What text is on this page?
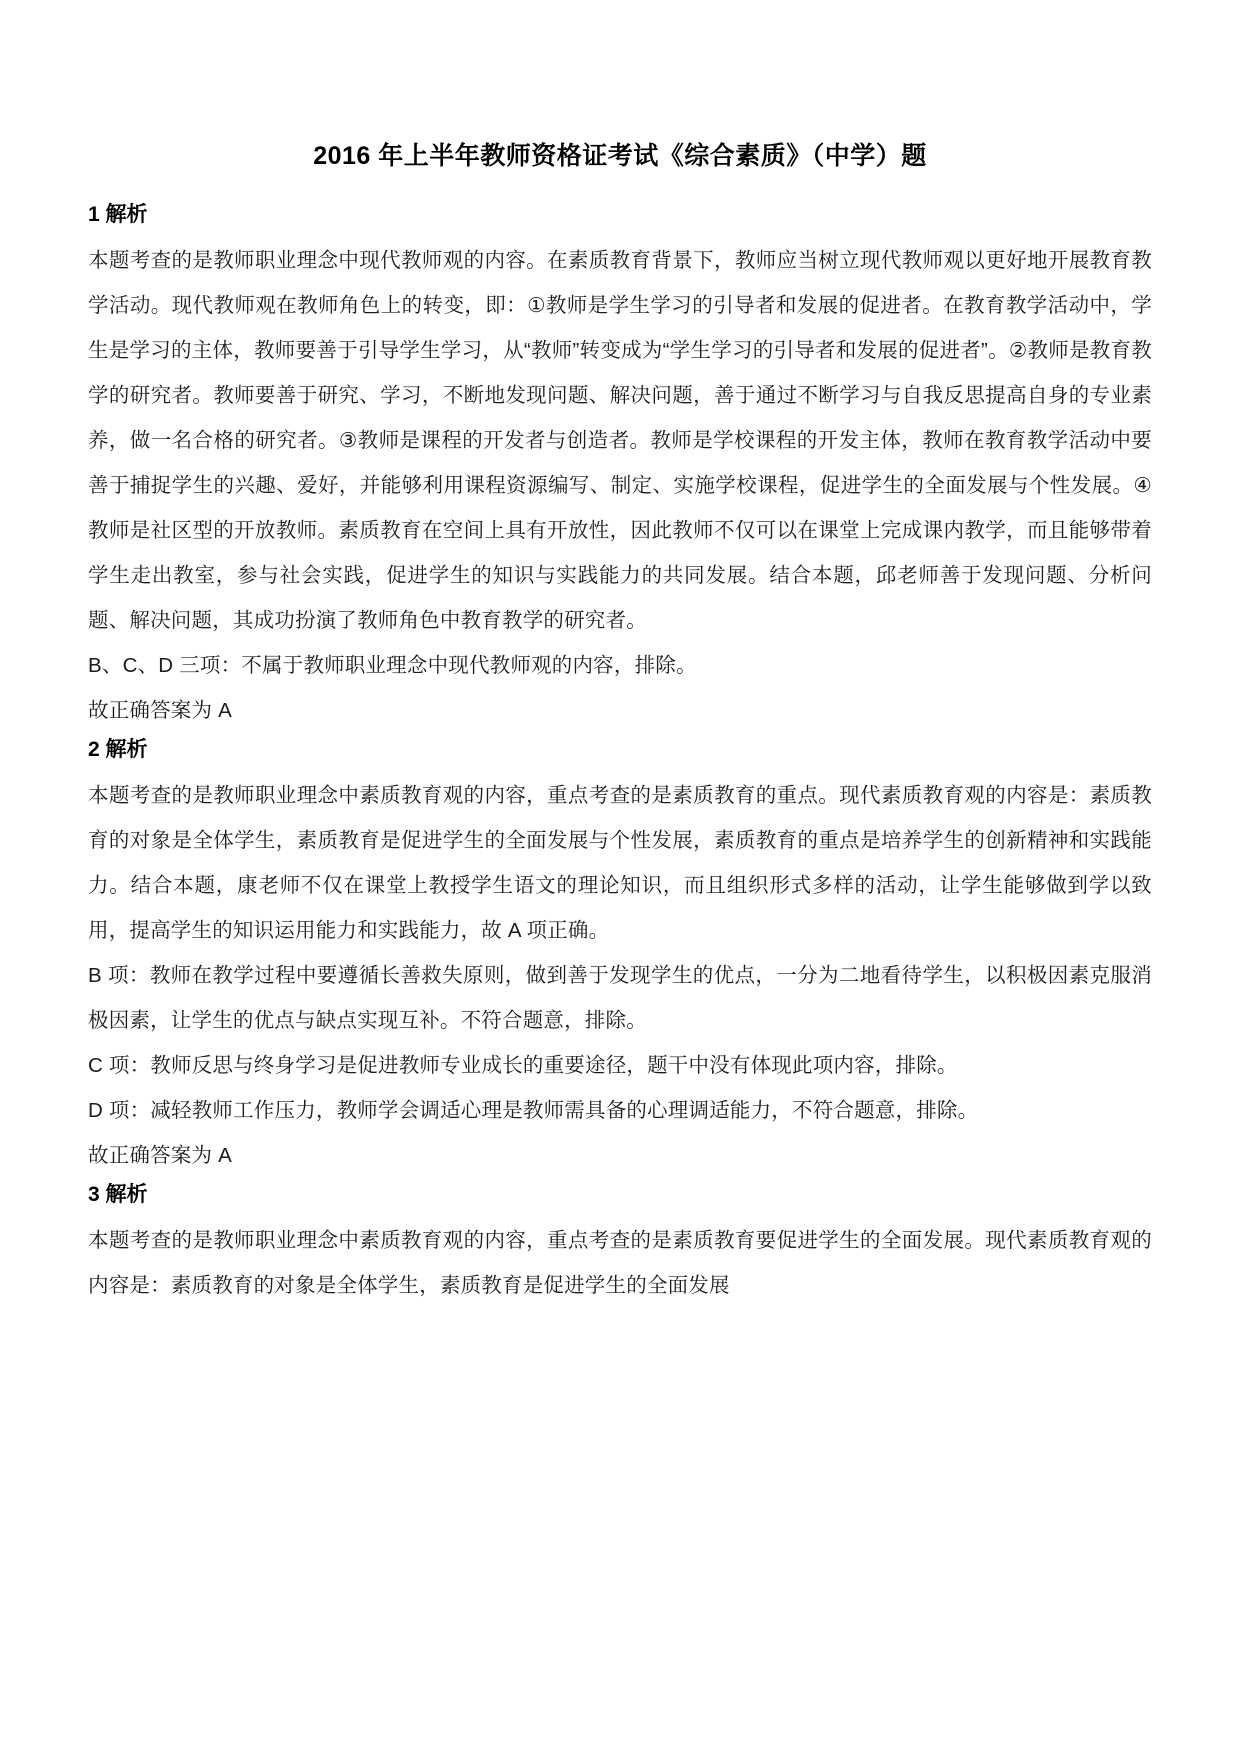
2016 年上半年教师资格证考试《综合素质》（中学）题
1 解析

本题考查的是教师职业理念中现代教师观的内容。在素质教育背景下，教师应当树立现代教师观以更好地开展教育教学活动。现代教师观在教师角色上的转变，即：①教师是学生学习的引导者和发展的促进者。在教育教学活动中，学生是学习的主体，教师要善于引导学生学习，从“教师”转变成为“学生学习的引导者和发展的促进者”。②教师是教育教学的研究者。教师要善于研究、学习，不断地发现问题、解决问题，善于通过不断学习与自我反思提高自身的专业素养，做一名合格的研究者。③教师是课程的开发者与创造者。教师是学校课程的开发主体，教师在教育教学活动中要善于捕捉学生的兴趣、爱好，并能够利用课程资源编写、制定、实施学校课程，促进学生的全面发展与个性发展。④教师是社区型的开放教师。素质教育在空间上具有开放性，因此教师不仅可以在课堂上完成课内教学，而且能够带着学生走出教室，参与社会实践，促进学生的知识与实践能力的共同发展。结合本题，邱老师善于发现问题、分析问题、解决问题，其成功扮演了教师角色中教育教学的研究者。

B、C、D 三项：不属于教师职业理念中现代教师观的内容，排除。

故正确答案为 A

2 解析

本题考查的是教师职业理念中素质教育观的内容，重点考查的是素质教育的重点。现代素质教育观的内容是：素质教育的对象是全体学生，素质教育是促进学生的全面发展与个性发展，素质教育的重点是培养学生的创新精神和实践能力。结合本题，康老师不仅在课堂上教授学生语文的理论知识，而且组织形式多样的活动，让学生能够做到学以致用，提高学生的知识运用能力和实践能力，故 A 项正确。

B 项：教师在教学过程中要遵循长善救失原则，做到善于发现学生的优点，一分为二地看待学生，以积极因素克服消极因素，让学生的优点与缺点实现互补。不符合题意，排除。

C 项：教师反思与终身学习是促进教师专业成长的重要途径，题干中没有体现此项内容，排除。

D 项：减轻教师工作压力，教师学会调适心理是教师需具备的心理调适能力，不符合题意，排除。

故正确答案为 A

3 解析

本题考查的是教师职业理念中素质教育观的内容，重点考查的是素质教育要促进学生的全面发展。现代素质教育观的内容是：素质教育的对象是全体学生，素质教育是促进学生的全面发展
